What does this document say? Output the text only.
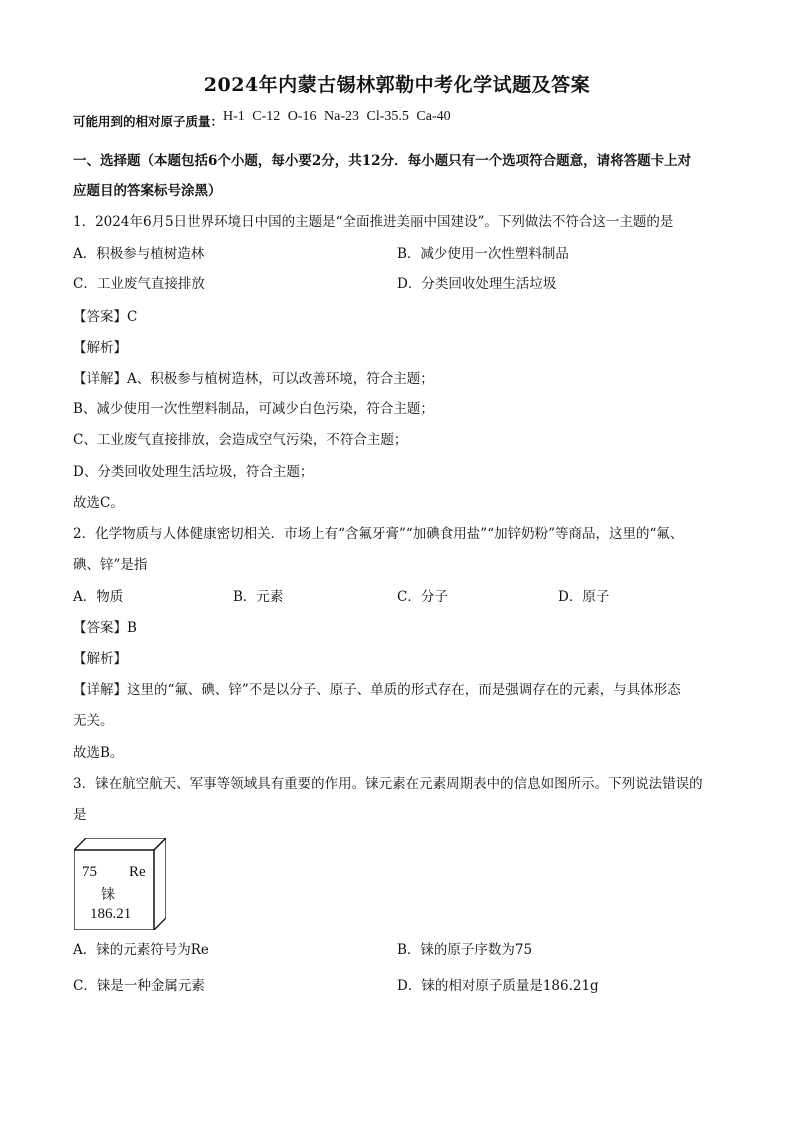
2024年内蒙古锡林郭勒中考化学试题及答案
可能用到的相对原子质量：H-1 C-12 O-16 Na-23 Cl-35.5 Ca-40
一、选择题（本题包括6个小题，每小要2分，共12分．每小题只有一个选项符合题意，请将答题卡上对
应题目的答案标号涂黑）
1．2024年6月5日世界环境日中国的主题是“全面推进美丽中国建设”。下列做法不符合这一主题的是
A．积极参与植树造林	B．减少使用一次性塑料制品
C．工业废气直接排放	D．分类回收处理生活垃圾
【答案】C
【解析】
【详解】A、积极参与植树造林，可以改善环境，符合主题；
B、减少使用一次性塑料制品，可减少白色污染，符合主题；
C、工业废气直接排放，会造成空气污染，不符合主题；
D、分类回收处理生活垃圾，符合主题；
故选C。
2．化学物质与人体健康密切相关．市场上有“含氟牙膏”“加碘食用盐”“加锌奶粉”等商品，这里的“氟、
碘、锌”是指
A．物质	B．元素	C．分子	D．原子
【答案】B
【解析】
【详解】这里的“氟、碘、锌”不是以分子、原子、单质的形式存在，而是强调存在的元素，与具体形态
无关。
故选B。
3．铼在航空航天、军事等领域具有重要的作用。铼元素在元素周期表中的信息如图所示。下列说法错误的
是
75 Re
铼
186.21
A．铼的元素符号为Re	B．铼的原子序数为75
C．铼是一种金属元素	D．铼的相对原子质量是186.21g
